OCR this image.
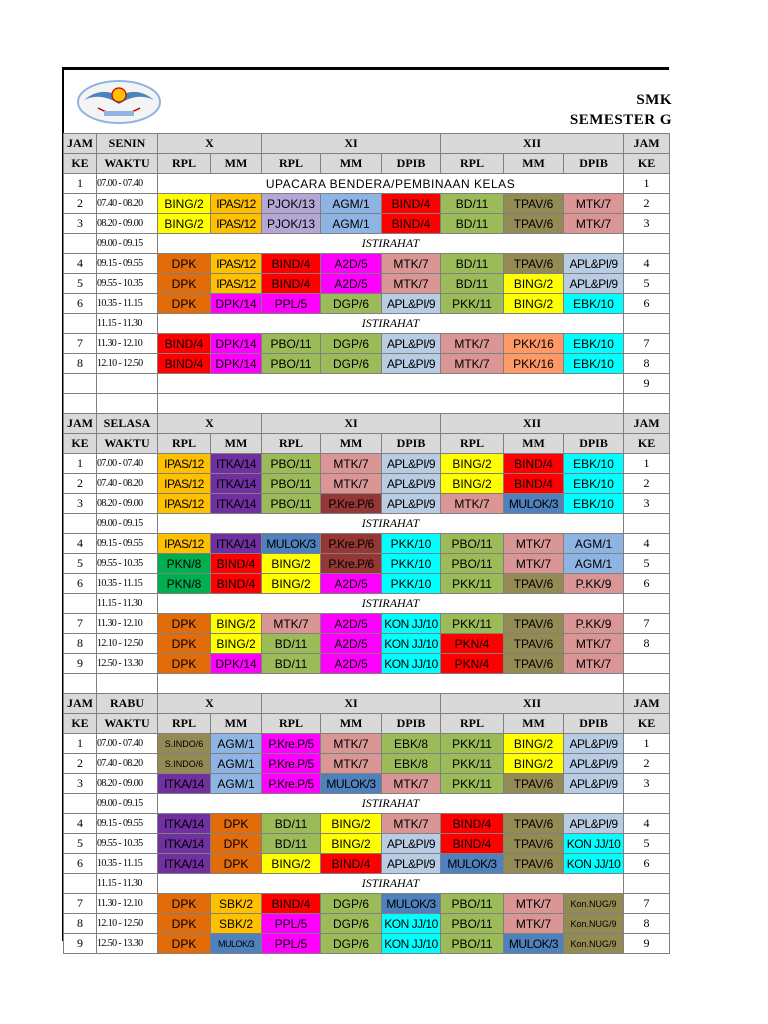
SMK
SEMESTER G
JAM	SENIN	X		XI			XII			JAM
KE	WAKTU	RPL	MM	RPL	MM	DPIB	RPL	MM	DPIB	KE
1	07.00 - 07.40	UPACARA BENDERA/PEMBINAAN KELAS								1
2	07.40 - 08.20	BING/2	IPAS/12	PJOK/13	AGM/1	BIND/4	BD/11	TPAV/6	MTK/7	2
3	08.20 - 09.00	BING/2	IPAS/12	PJOK/13	AGM/1	BIND/4	BD/11	TPAV/6	MTK/7	3
	09.00 - 09.15	ISTIRAHAT								
4	09.15 - 09.55	DPK	IPAS/12	BIND/4	A2D/5	MTK/7	BD/11	TPAV/6	APL&PI/9	4
5	09.55 - 10.35	DPK	IPAS/12	BIND/4	A2D/5	MTK/7	BD/11	BING/2	APL&PI/9	5
6	10.35 - 11.15	DPK	DPK/14	PPL/5	DGP/6	APL&PI/9	PKK/11	BING/2	EBK/10	6
	11.15 - 11.30	ISTIRAHAT								
7	11.30 - 12.10	BIND/4	DPK/14	PBO/11	DGP/6	APL&PI/9	MTK/7	PKK/16	EBK/10	7
8	12.10 - 12.50	BIND/4	DPK/14	PBO/11	DGP/6	APL&PI/9	MTK/7	PKK/16	EBK/10	8
										9

JAM	SELASA	X		XI			XII			JAM
KE	WAKTU	RPL	MM	RPL	MM	DPIB	RPL	MM	DPIB	KE
1	07.00 - 07.40	IPAS/12	ITKA/14	PBO/11	MTK/7	APL&PI/9	BING/2	BIND/4	EBK/10	1
2	07.40 - 08.20	IPAS/12	ITKA/14	PBO/11	MTK/7	APL&PI/9	BING/2	BIND/4	EBK/10	2
3	08.20 - 09.00	IPAS/12	ITKA/14	PBO/11	P.Kre.P/6	APL&PI/9	MTK/7	MULOK/3	EBK/10	3
	09.00 - 09.15	ISTIRAHAT								
4	09.15 - 09.55	IPAS/12	ITKA/14	MULOK/3	P.Kre.P/6	PKK/10	PBO/11	MTK/7	AGM/1	4
5	09.55 - 10.35	PKN/8	BIND/4	BING/2	P.Kre.P/6	PKK/10	PBO/11	MTK/7	AGM/1	5
6	10.35 - 11.15	PKN/8	BIND/4	BING/2	A2D/5	PKK/10	PKK/11	TPAV/6	P.KK/9	6
	11.15 - 11.30	ISTIRAHAT								
7	11.30 - 12.10	DPK	BING/2	MTK/7	A2D/5	KON JJ/10	PKK/11	TPAV/6	P.KK/9	7
8	12.10 - 12.50	DPK	BING/2	BD/11	A2D/5	KON JJ/10	PKN/4	TPAV/6	MTK/7	8
9	12.50 - 13.30	DPK	DPK/14	BD/11	A2D/5	KON JJ/10	PKN/4	TPAV/6	MTK/7	

JAM	RABU	X		XI			XII			JAM
KE	WAKTU	RPL	MM	RPL	MM	DPIB	RPL	MM	DPIB	KE
1	07.00 - 07.40	S.INDO/6	AGM/1	P.Kre.P/5	MTK/7	EBK/8	PKK/11	BING/2	APL&PI/9	1
2	07.40 - 08.20	S.INDO/6	AGM/1	P.Kre.P/5	MTK/7	EBK/8	PKK/11	BING/2	APL&PI/9	2
3	08.20 - 09.00	ITKA/14	AGM/1	P.Kre.P/5	MULOK/3	MTK/7	PKK/11	TPAV/6	APL&PI/9	3
	09.00 - 09.15	ISTIRAHAT								
4	09.15 - 09.55	ITKA/14	DPK	BD/11	BING/2	MTK/7	BIND/4	TPAV/6	APL&PI/9	4
5	09.55 - 10.35	ITKA/14	DPK	BD/11	BING/2	APL&PI/9	BIND/4	TPAV/6	KON JJ/10	5
6	10.35 - 11.15	ITKA/14	DPK	BING/2	BIND/4	APL&PI/9	MULOK/3	TPAV/6	KON JJ/10	6
	11.15 - 11.30	ISTIRAHAT								
7	11.30 - 12.10	DPK	SBK/2	BIND/4	DGP/6	MULOK/3	PBO/11	MTK/7	Kon.NUG/9	7
8	12.10 - 12.50	DPK	SBK/2	PPL/5	DGP/6	KON JJ/10	PBO/11	MTK/7	Kon.NUG/9	8
9	12.50 - 13.30	DPK	MULOK/3	PPL/5	DGP/6	KON JJ/10	PBO/11	MULOK/3	Kon.NUG/9	9
